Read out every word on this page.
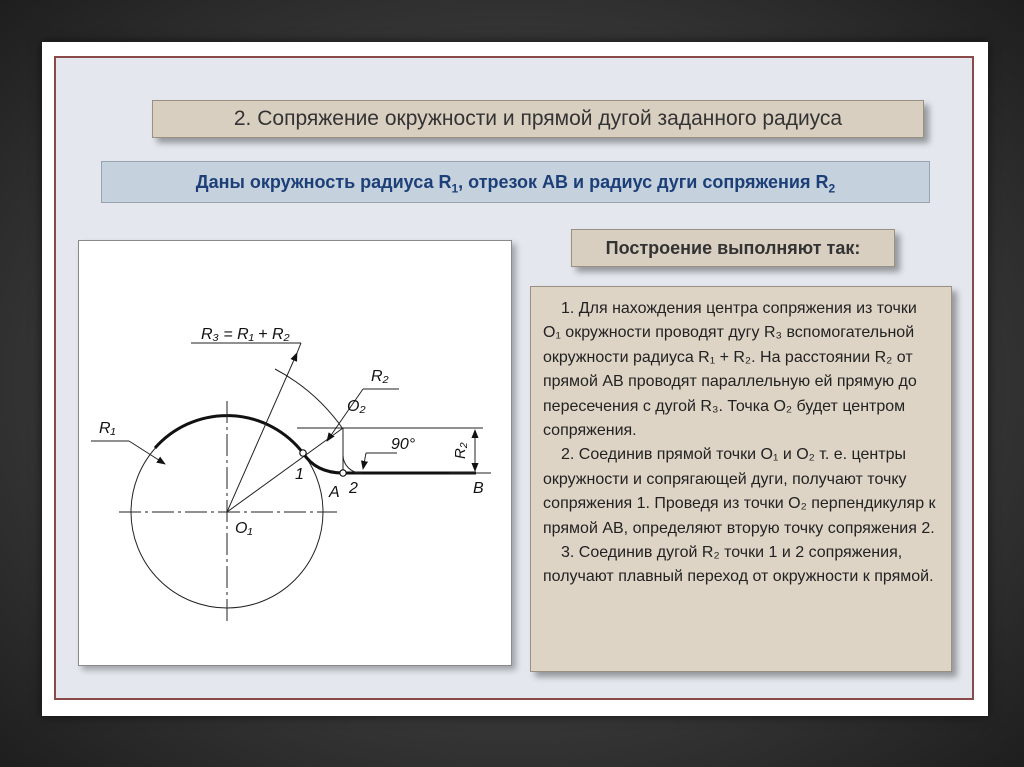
2. Сопряжение окружности и прямой дугой заданного радиуса
Даны окружность радиуса $R_1$, отрезок AB и радиус дуги сопряжения $R_2$
Построение выполняют так:
R₃ = R₁ + R₂
R₁
R₂
O₂
90° R₂
1
A 2	B
O₁

1. Для нахождения центра сопряжения из точки O₁ окружности проводят дугу R₃ вспомогательной окружности радиуса R₁ + R₂. На расстоянии R₂ от прямой AB проводят параллельную ей прямую до пересечения с дугой R₃. Точка O₂ будет центром сопряжения.

2. Соединив прямой точки O₁ и O₂ т. е. центры окружности и сопрягающей дуги, получают точку сопряжения 1. Проведя из точки O₂ перпендикуляр к прямой AB, определяют вторую точку сопряжения 2.

3. Соединив дугой R₂ точки 1 и 2 сопряжения, получают плавный переход от окружности к прямой.
